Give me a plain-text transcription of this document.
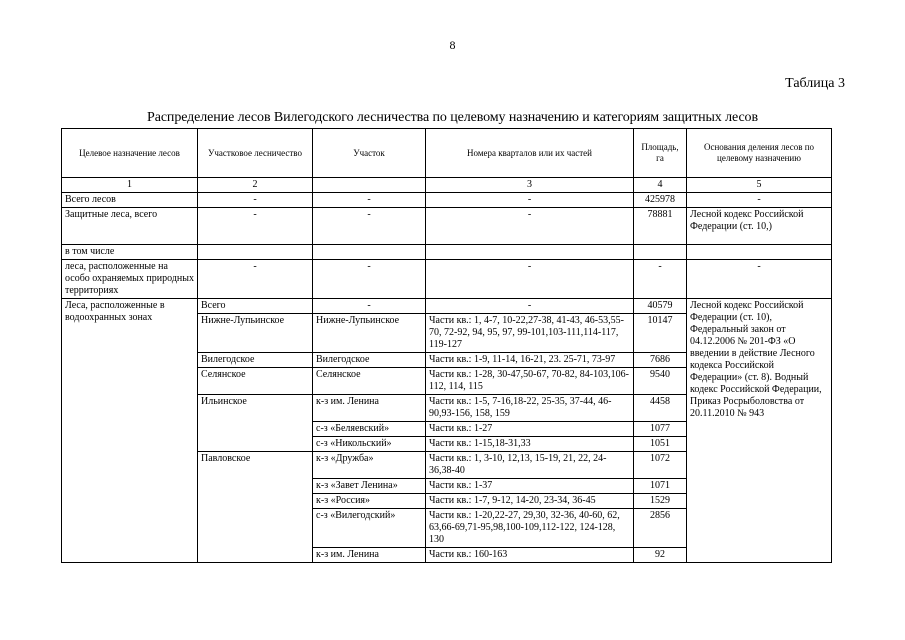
8
Таблица 3
Распределение лесов Вилегодского лесничества по целевому назначению и категориям защитных лесов
Целевое назначение лесов	Участковое лесничество	Участок	Номера кварталов или их частей	Площадь, га	Основания деления лесов по целевому назначению
1	2		3	4	5
Всего лесов	-	-	-	425978	-
Защитные леса, всего	-	-	-	78881	Лесной кодекс Российской Федерации (ст. 10,)
в том числе					
леса, расположенные на особо охраняемых природных территориях	-	-	-	-	-
Леса, расположенные в водоохранных зонах	Всего	-	-	40579	Лесной кодекс Российской Федерации (ст. 10), Федеральный закон от 04.12.2006 № 201-ФЗ «О введении в действие Лесного кодекса Российской Федерации» (ст. 8). Водный кодекс Российской Федерации, Приказ Росрыболовства от 20.11.2010 № 943
	Нижне-Лупьинское	Нижне-Лупьинское	Части кв.: 1, 4-7, 10-22,27-38, 41-43, 46-53,55-70, 72-92, 94, 95, 97, 99-101,103-111,114-117, 119-127	10147	
	Вилегодское	Вилегодское	Части кв.: 1-9, 11-14, 16-21, 23. 25-71, 73-97	7686	
	Селянское	Селянское	Части кв.: 1-28, 30-47,50-67, 70-82, 84-103,106-112, 114, 115	9540	
	Ильинское	к-з им. Ленина	Части кв.: 1-5, 7-16,18-22, 25-35, 37-44, 46-90,93-156, 158, 159	4458	
		с-з «Беляевский»	Части кв.: 1-27	1077	
		с-з «Никольский»	Части кв.: 1-15,18-31,33	1051	
	Павловское	к-з «Дружба»	Части кв.: 1, 3-10, 12,13, 15-19, 21, 22, 24-36,38-40	1072	
		к-з «Завет Ленина»	Части кв.: 1-37	1071	
		к-з «Россия»	Части кв.: 1-7, 9-12, 14-20, 23-34, 36-45	1529	
		с-з «Вилегодский»	Части кв.: 1-20,22-27, 29,30, 32-36, 40-60, 62, 63,66-69,71-95,98,100-109,112-122, 124-128, 130	2856	
		к-з им. Ленина	Части кв.: 160-163	92	
